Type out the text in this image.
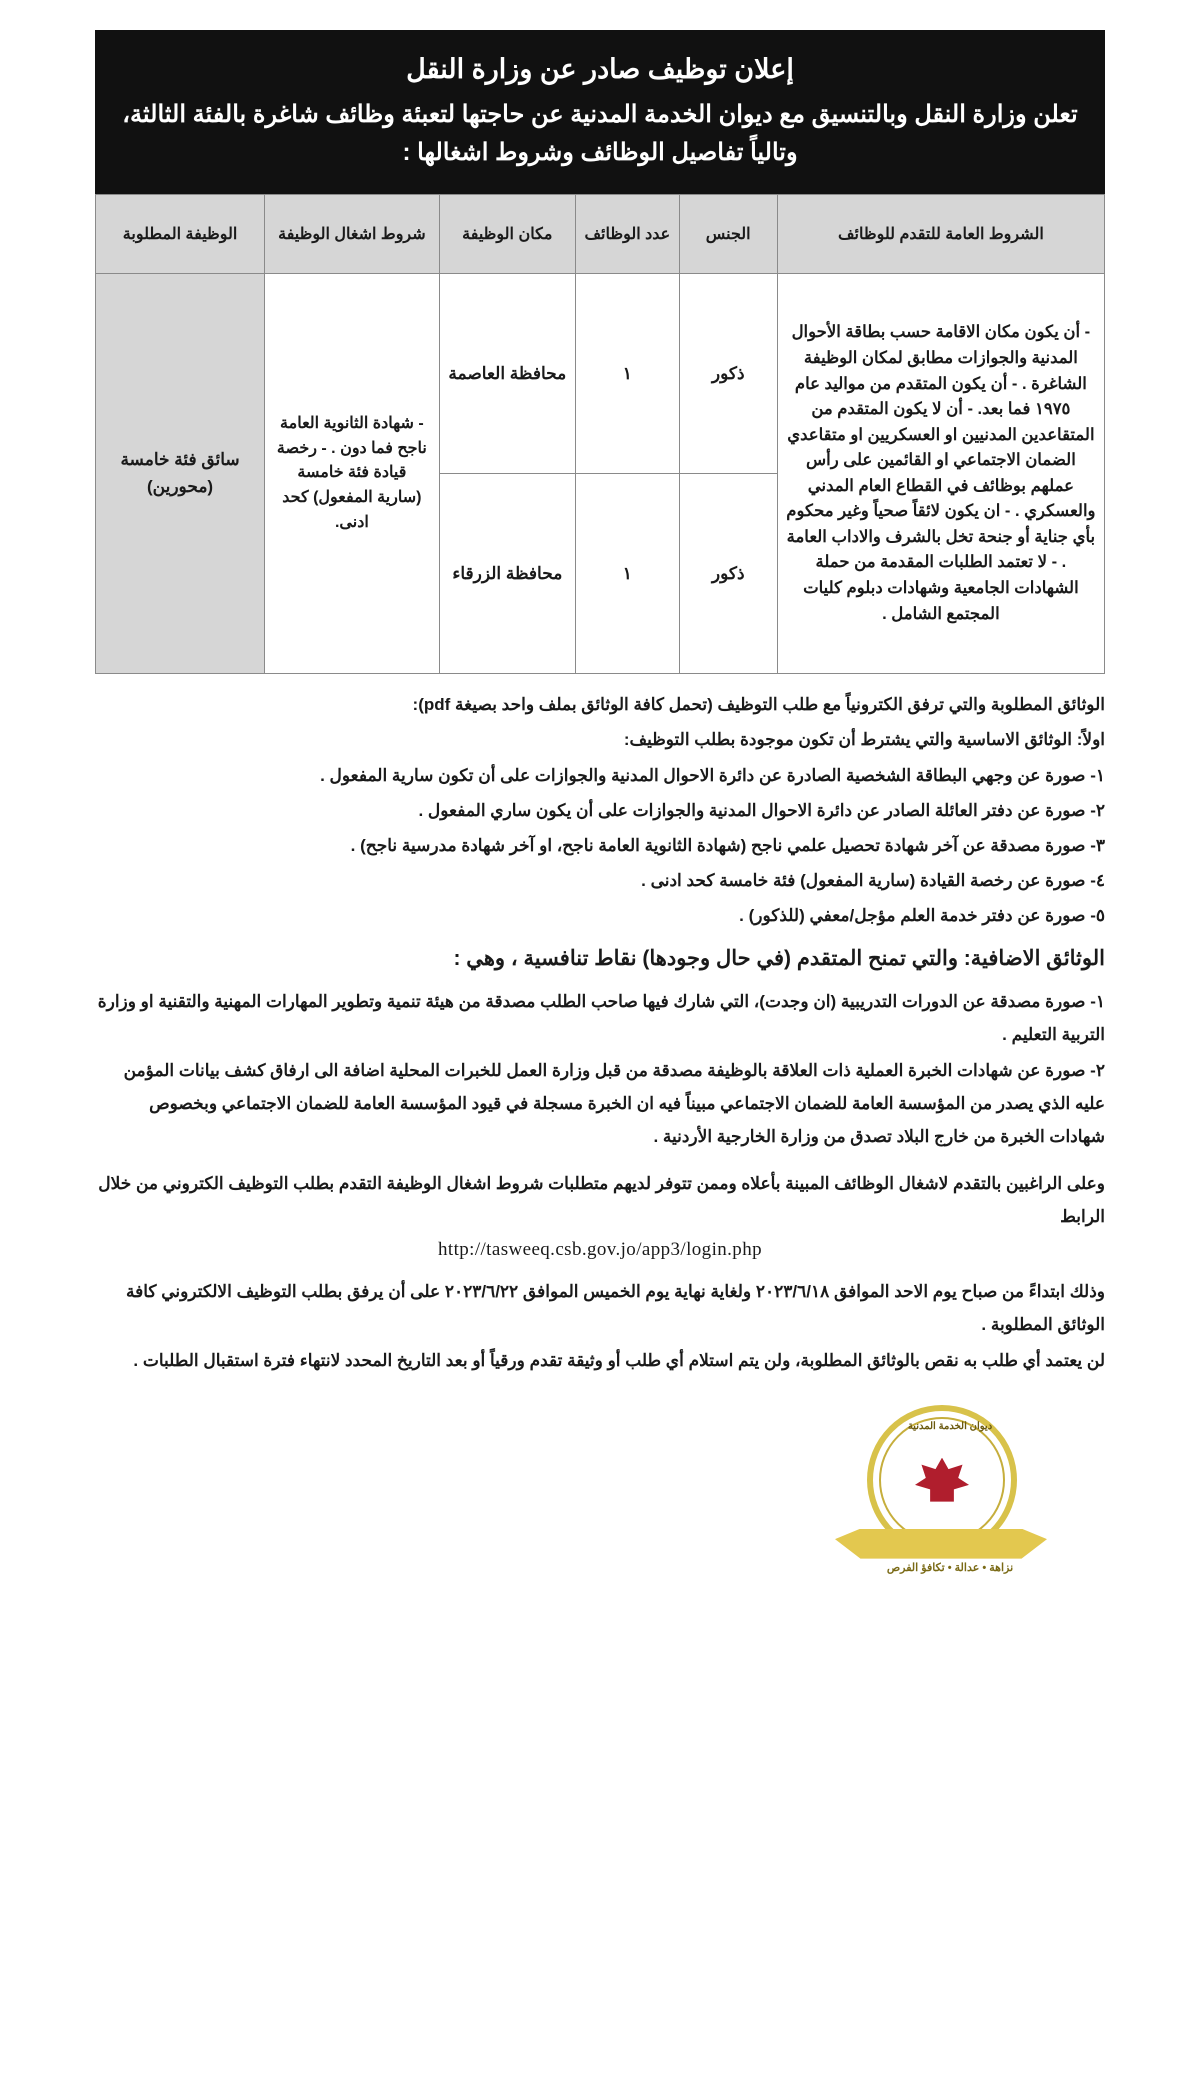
إعلان توظيف صادر عن وزارة النقل
تعلن وزارة النقل وبالتنسيق مع ديوان الخدمة المدنية عن حاجتها لتعبئة وظائف شاغرة بالفئة الثالثة، وتالياً تفاصيل الوظائف وشروط اشغالها :
الشروط العامة للتقدم للوظائف	الجنس	عدد الوظائف	مكان الوظيفة	شروط اشغال الوظيفة	الوظيفة المطلوبة
- أن يكون مكان الاقامة حسب بطاقة الأحوال المدنية والجوازات مطابق لمكان الوظيفة الشاغرة . - أن يكون المتقدم من مواليد عام ١٩٧٥ فما بعد. - أن لا يكون المتقدم من المتقاعدين المدنيين او العسكريين او متقاعدي الضمان الاجتماعي او القائمين على رأس عملهم بوظائف في القطاع العام المدني والعسكري . - ان يكون لائقاً صحياً وغير محكوم بأي جناية أو جنحة تخل بالشرف والاداب العامة . - لا تعتمد الطلبات المقدمة من حملة الشهادات الجامعية وشهادات دبلوم كليات المجتمع الشامل .	ذكور	١	محافظة العاصمة	- شهادة الثانوية العامة ناجح فما دون . - رخصة قيادة فئة خامسة (سارية المفعول) كحد ادنى.	سائق فئة خامسة (محورين)
	ذكور	١	محافظة الزرقاء		

الوثائق المطلوبة والتي ترفق الكترونياً مع طلب التوظيف (تحمل كافة الوثائق بملف واحد بصيغة pdf):

اولاً: الوثائق الاساسية والتي يشترط أن تكون موجودة بطلب التوظيف:

١- صورة عن وجهي البطاقة الشخصية الصادرة عن دائرة الاحوال المدنية والجوازات على أن تكون سارية المفعول .

٢- صورة عن دفتر العائلة الصادر عن دائرة الاحوال المدنية والجوازات على أن يكون ساري المفعول .

٣- صورة مصدقة عن آخر شهادة تحصيل علمي ناجح (شهادة الثانوية العامة ناجح، او آخر شهادة مدرسية ناجح) .

٤- صورة عن رخصة القيادة (سارية المفعول) فئة خامسة كحد ادنى .

٥- صورة عن دفتر خدمة العلم مؤجل/معفي (للذكور) .

الوثائق الاضافية: والتي تمنح المتقدم (في حال وجودها) نقاط تنافسية ، وهي :

١- صورة مصدقة عن الدورات التدريبية (ان وجدت)، التي شارك فيها صاحب الطلب مصدقة من هيئة تنمية وتطوير المهارات المهنية والتقنية او وزارة التربية التعليم .

٢- صورة عن شهادات الخبرة العملية ذات العلاقة بالوظيفة مصدقة من قبل وزارة العمل للخبرات المحلية اضافة الى ارفاق كشف بيانات المؤمن عليه الذي يصدر من المؤسسة العامة للضمان الاجتماعي مبيناً فيه ان الخبرة مسجلة في قيود المؤسسة العامة للضمان الاجتماعي وبخصوص شهادات الخبرة من خارج البلاد تصدق من وزارة الخارجية الأردنية .

وعلى الراغبين بالتقدم لاشغال الوظائف المبينة بأعلاه وممن تتوفر لديهم متطلبات شروط اشغال الوظيفة التقدم بطلب التوظيف الكتروني من خلال الرابط

http://tasweeq.csb.gov.jo/app3/login.php

وذلك ابتداءً من صباح يوم الاحد الموافق ٢٠٢٣/٦/١٨ ولغاية نهاية يوم الخميس الموافق ٢٠٢٣/٦/٢٢ على أن يرفق بطلب التوظيف الالكتروني كافة الوثائق المطلوبة .

لن يعتمد أي طلب به نقص بالوثائق المطلوبة، ولن يتم استلام أي طلب أو وثيقة تقدم ورقياً أو بعد التاريخ المحدد لانتهاء فترة استقبال الطلبات .

ديوان الخدمة المدنية
نزاهة • عدالة • تكافؤ الفرص
